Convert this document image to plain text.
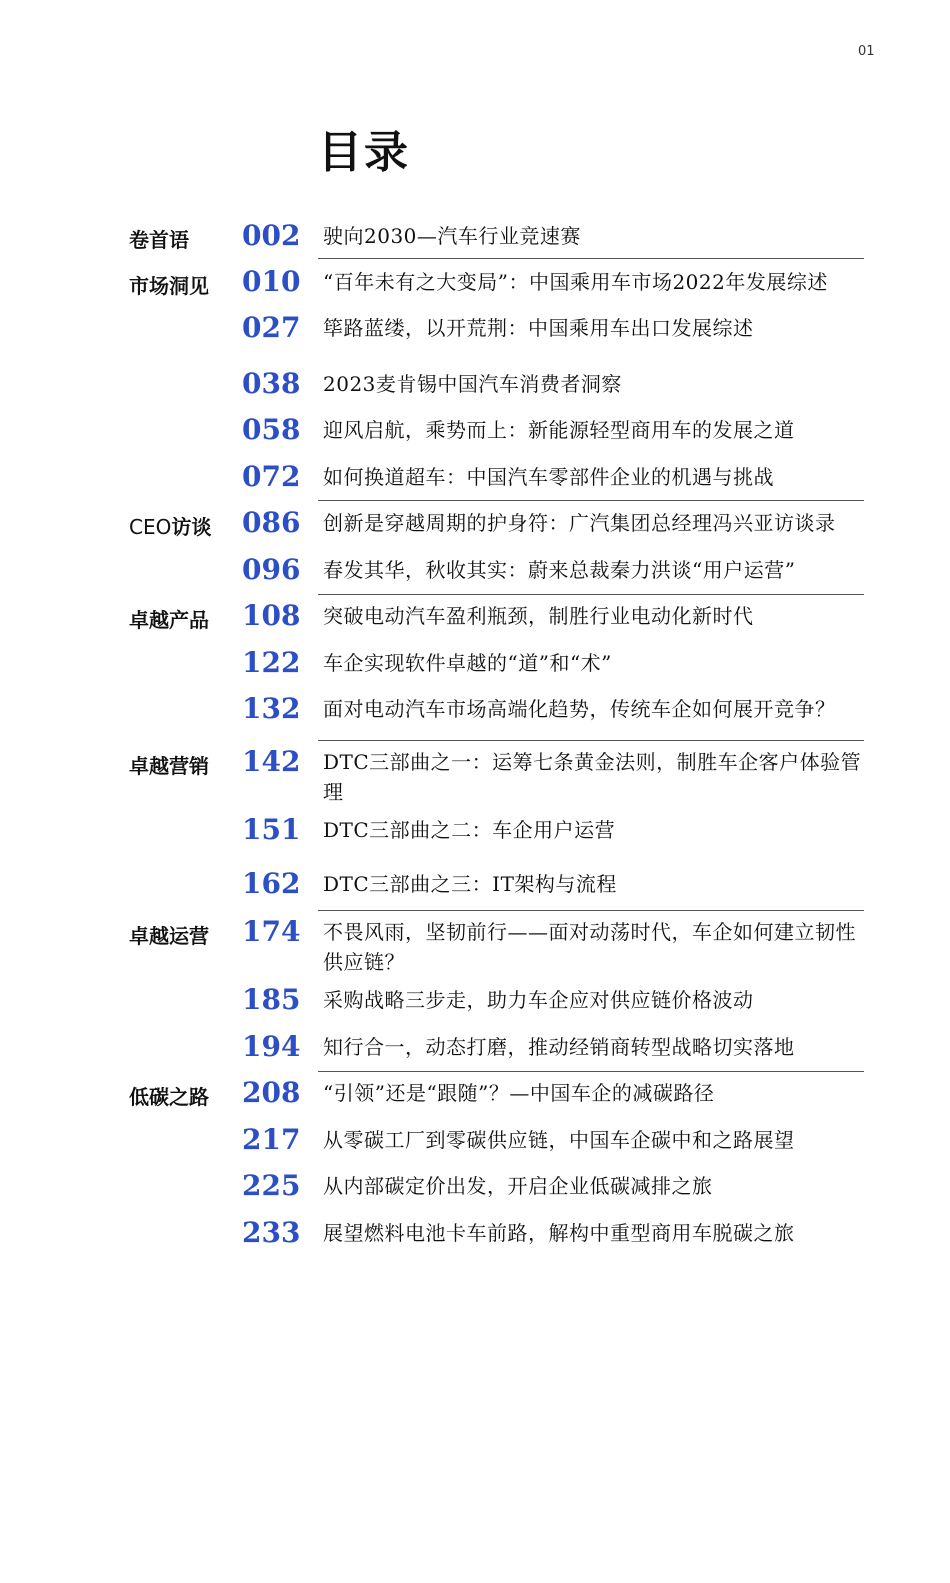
01
目录
卷首语 002 驶向2030—汽车行业竞速赛
市场洞见 010 “百年未有之大变局”：中国乘用车市场2022年发展综述
027 筚路蓝缕，以开荒荆：中国乘用车出口发展综述
038 2023麦肯锡中国汽车消费者洞察
058 迎风启航，乘势而上：新能源轻型商用车的发展之道
072 如何换道超车：中国汽车零部件企业的机遇与挑战
CEO访谈 086 创新是穿越周期的护身符：广汽集团总经理冯兴亚访谈录
096 春发其华，秋收其实：蔚来总裁秦力洪谈“用户运营”
卓越产品 108 突破电动汽车盈利瓶颈，制胜行业电动化新时代
122 车企实现软件卓越的“道”和“术”
132 面对电动汽车市场高端化趋势，传统车企如何展开竞争？
卓越营销 142 DTC三部曲之一：运筹七条黄金法则，制胜车企客户体验管理
151 DTC三部曲之二：车企用户运营
162 DTC三部曲之三：IT架构与流程
卓越运营 174 不畏风雨，坚韧前行——面对动荡时代，车企如何建立韧性供应链？
185 采购战略三步走，助力车企应对供应链价格波动
194 知行合一，动态打磨，推动经销商转型战略切实落地
低碳之路 208 “引领”还是“跟随”？—中国车企的减碳路径
217 从零碳工厂到零碳供应链，中国车企碳中和之路展望
225 从内部碳定价出发，开启企业低碳减排之旅
233 展望燃料电池卡车前路，解构中重型商用车脱碳之旅
